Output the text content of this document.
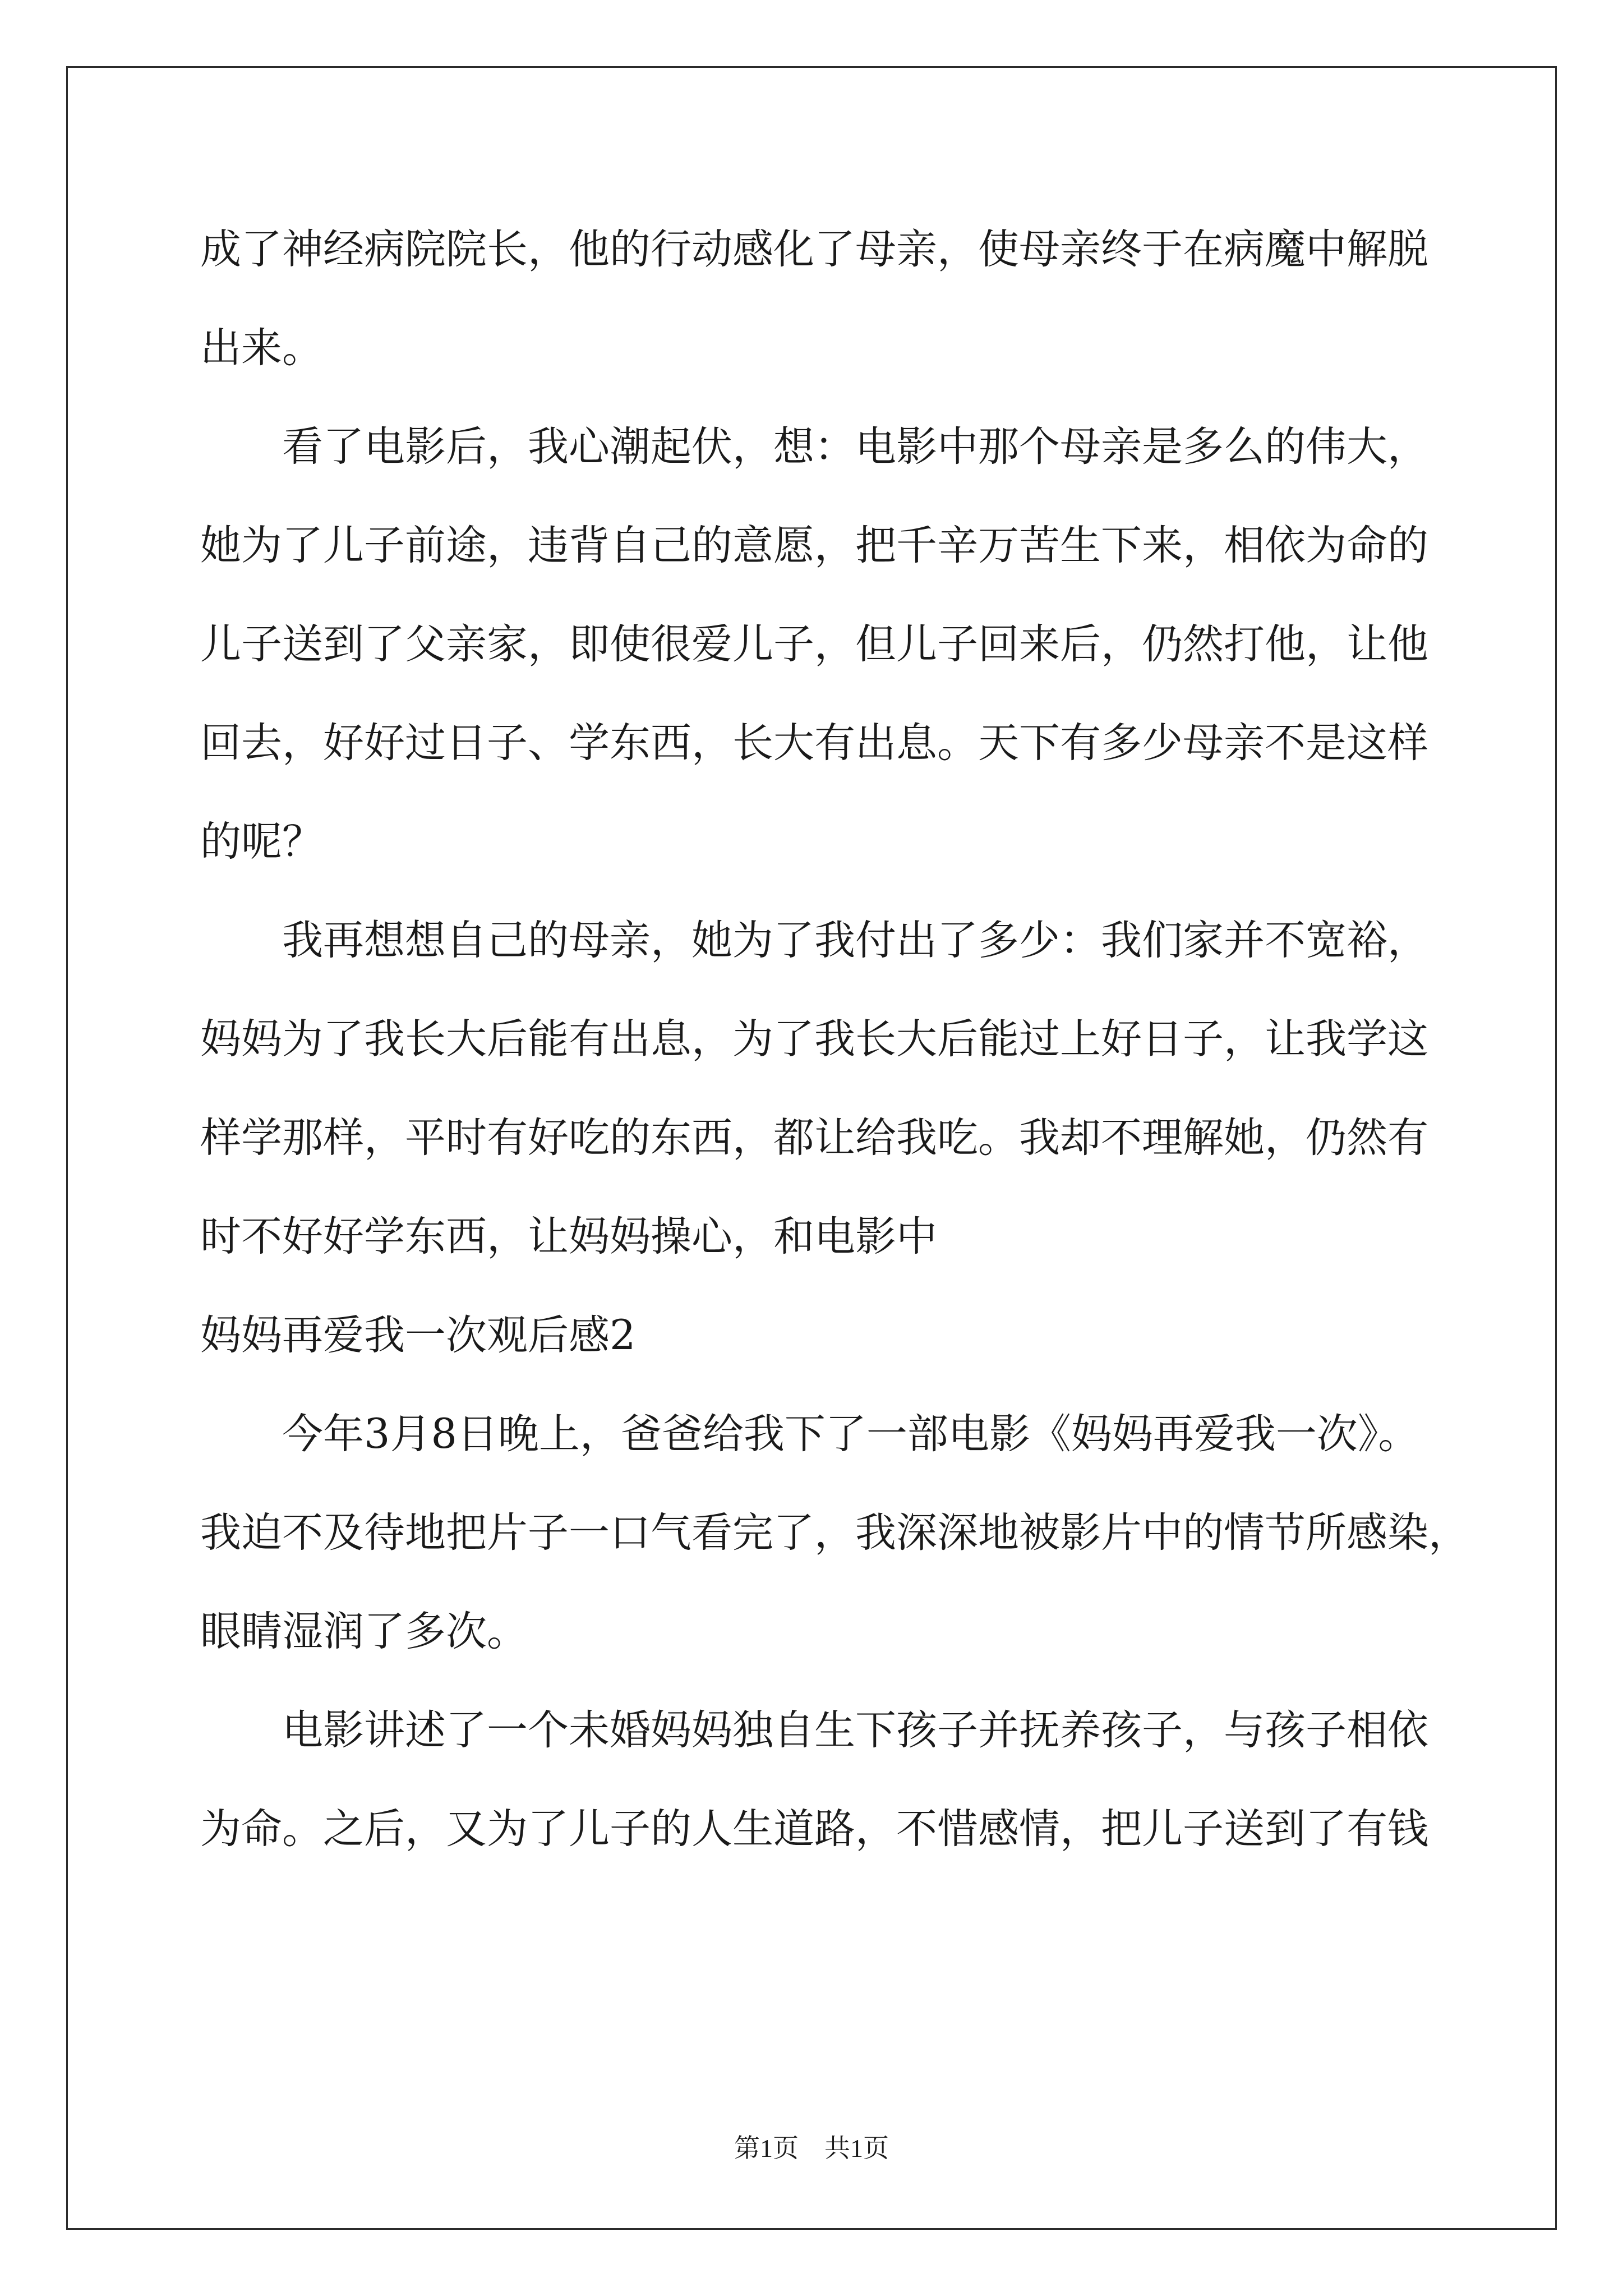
成了神经病院院长，他的行动感化了母亲，使母亲终于在病魔中解脱

出来。

看了电影后，我心潮起伏，想：电影中那个母亲是多么的伟大，

她为了儿子前途，违背自己的意愿，把千辛万苦生下来，相依为命的

儿子送到了父亲家，即使很爱儿子，但儿子回来后，仍然打他，让他

回去，好好过日子、学东西，长大有出息。天下有多少母亲不是这样

的呢？

我再想想自己的母亲，她为了我付出了多少：我们家并不宽裕，

妈妈为了我长大后能有出息，为了我长大后能过上好日子，让我学这

样学那样，平时有好吃的东西，都让给我吃。我却不理解她，仍然有

时不好好学东西，让妈妈操心，和电影中

妈妈再爱我一次观后感2

今年3月8日晚上，爸爸给我下了一部电影《妈妈再爱我一次》。

我迫不及待地把片子一口气看完了，我深深地被影片中的情节所感染，

眼睛湿润了多次。

电影讲述了一个未婚妈妈独自生下孩子并抚养孩子，与孩子相依

为命。之后，又为了儿子的人生道路，不惜感情，把儿子送到了有钱

第1页　共1页
